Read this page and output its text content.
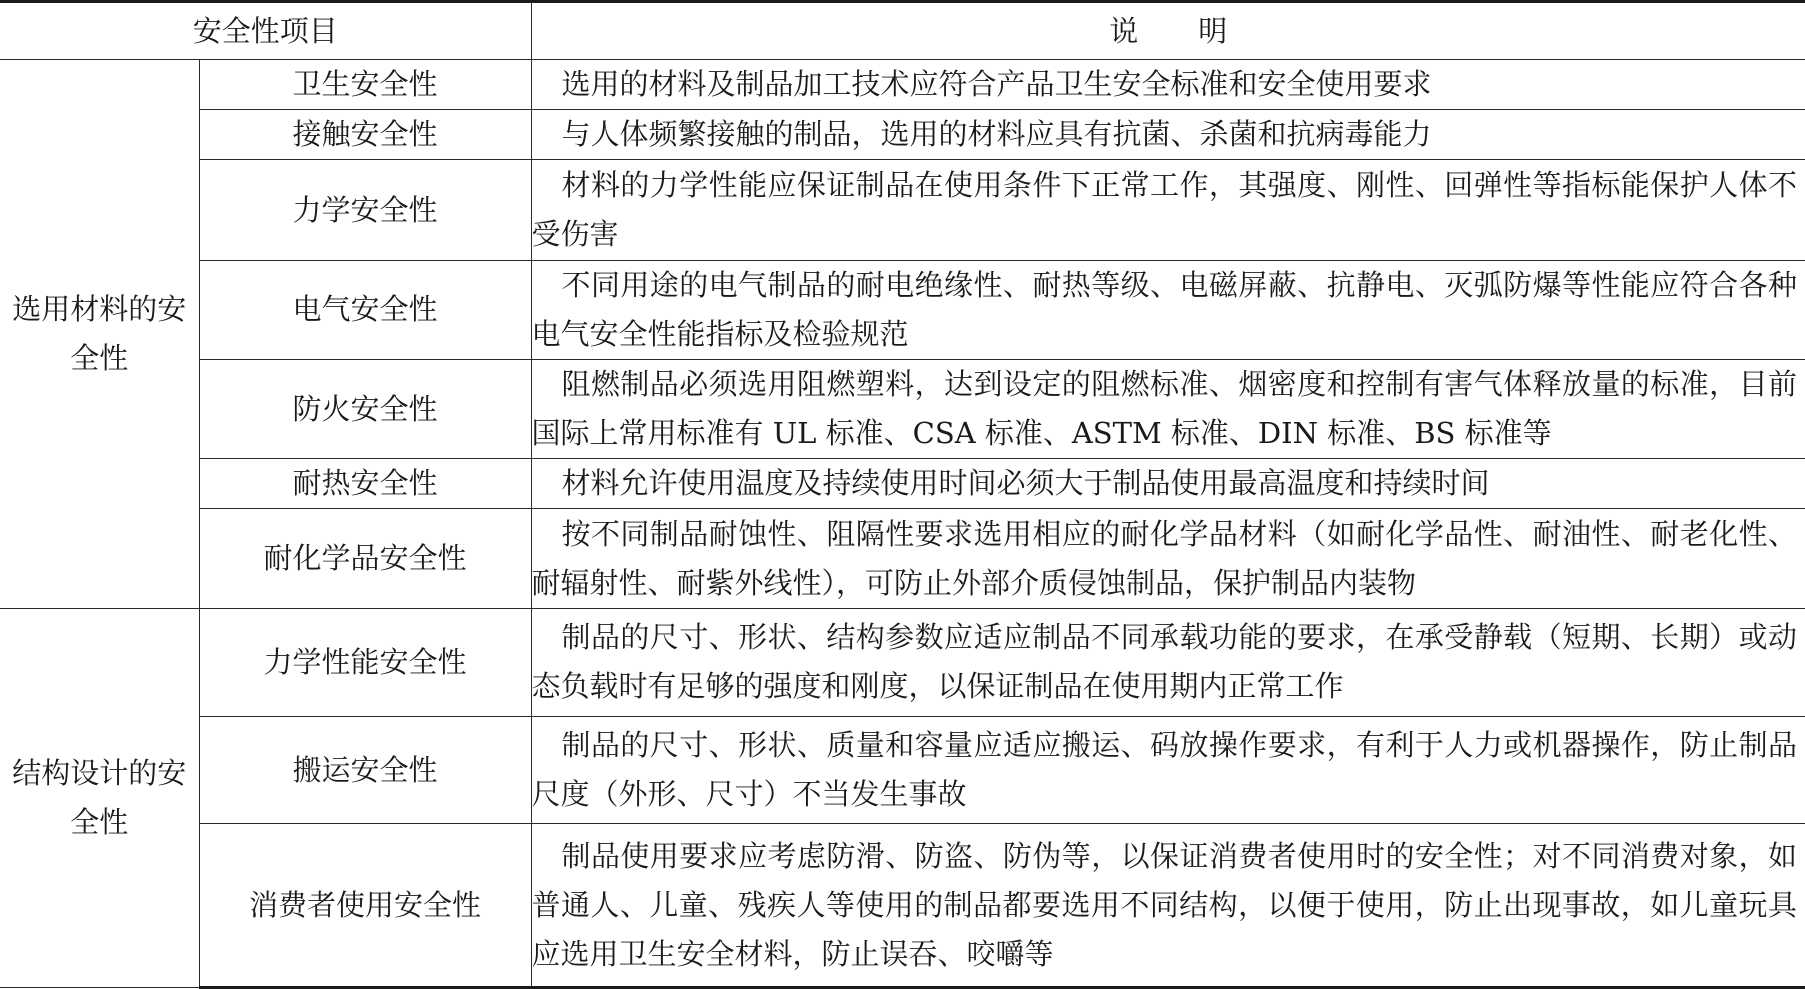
安全性项目		说明
选用材料的安全性	卫生安全性	选用的材料及制品加工技术应符合产品卫生安全标准和安全使用要求

	接触安全性	与人体频繁接触的制品，选用的材料应具有抗菌、杀菌和抗病毒能力

	力学安全性	材料的力学性能应保证制品在使用条件下正常工作，其强度、刚性、回弹性等指标能保护人体不受伤害

	电气安全性	不同用途的电气制品的耐电绝缘性、耐热等级、电磁屏蔽、抗静电、灭弧防爆等性能应符合各种电气安全性能指标及检验规范

	防火安全性	阻燃制品必须选用阻燃塑料，达到设定的阻燃标准、烟密度和控制有害气体释放量的标准，目前国际上常用标准有 UL 标准、CSA 标准、ASTM 标准、DIN 标准、BS 标准等

	耐热安全性	材料允许使用温度及持续使用时间必须大于制品使用最高温度和持续时间

	耐化学品安全性	按不同制品耐蚀性、阻隔性要求选用相应的耐化学品材料（如耐化学品性、耐油性、耐老化性、耐辐射性、耐紫外线性），可防止外部介质侵蚀制品，保护制品内装物

结构设计的安全性	力学性能安全性	制品的尺寸、形状、结构参数应适应制品不同承载功能的要求，在承受静载（短期、长期）或动态负载时有足够的强度和刚度，以保证制品在使用期内正常工作

	搬运安全性	制品的尺寸、形状、质量和容量应适应搬运、码放操作要求，有利于人力或机器操作，防止制品尺度（外形、尺寸）不当发生事故

	消费者使用安全性	制品使用要求应考虑防滑、防盗、防伪等，以保证消费者使用时的安全性；对不同消费对象，如普通人、儿童、残疾人等使用的制品都要选用不同结构，以便于使用，防止出现事故，如儿童玩具应选用卫生安全材料，防止误吞、咬嚼等
